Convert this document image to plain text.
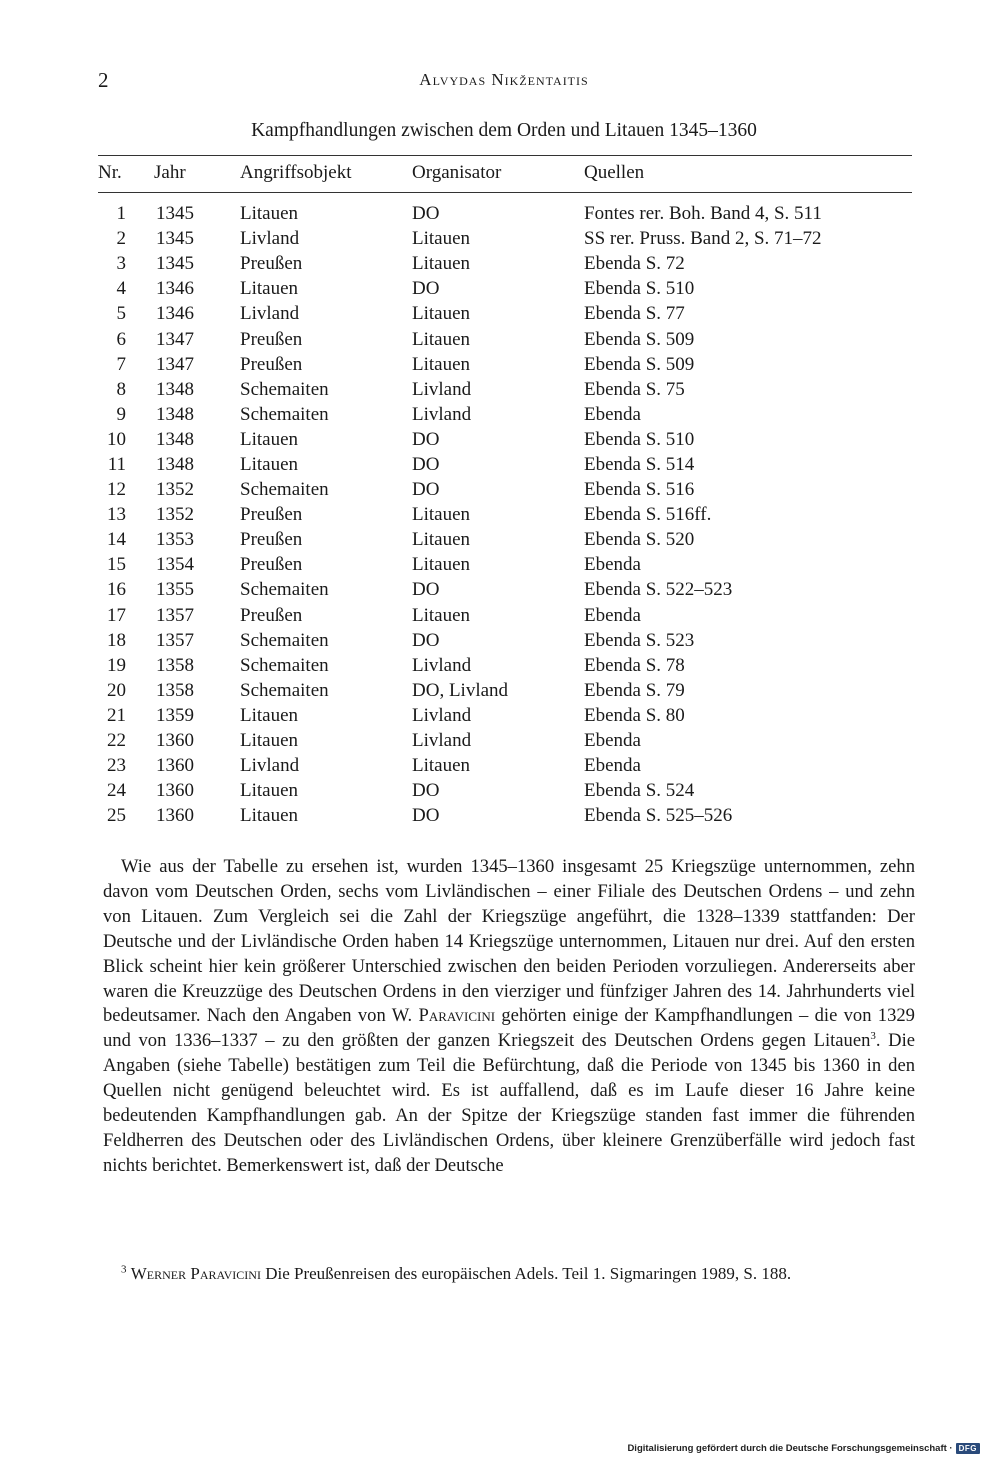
2	Alvydas Nikžentaitis
Kampfhandlungen zwischen dem Orden und Litauen 1345–1360
Nr.	Jahr	Angriffsobjekt	Organisator	Quellen
1	1345	Litauen	DO	Fontes rer. Boh. Band 4, S. 511
2	1345	Livland	Litauen	SS rer. Pruss. Band 2, S. 71–72
3	1345	Preußen	Litauen	Ebenda S. 72
4	1346	Litauen	DO	Ebenda S. 510
5	1346	Livland	Litauen	Ebenda S. 77
6	1347	Preußen	Litauen	Ebenda S. 509
7	1347	Preußen	Litauen	Ebenda S. 509
8	1348	Schemaiten	Livland	Ebenda S. 75
9	1348	Schemaiten	Livland	Ebenda
10	1348	Litauen	DO	Ebenda S. 510
11	1348	Litauen	DO	Ebenda S. 514
12	1352	Schemaiten	DO	Ebenda S. 516
13	1352	Preußen	Litauen	Ebenda S. 516ff.
14	1353	Preußen	Litauen	Ebenda S. 520
15	1354	Preußen	Litauen	Ebenda
16	1355	Schemaiten	DO	Ebenda S. 522–523
17	1357	Preußen	Litauen	Ebenda
18	1357	Schemaiten	DO	Ebenda S. 523
19	1358	Schemaiten	Livland	Ebenda S. 78
20	1358	Schemaiten	DO, Livland	Ebenda S. 79
21	1359	Litauen	Livland	Ebenda S. 80
22	1360	Litauen	Livland	Ebenda
23	1360	Livland	Litauen	Ebenda
24	1360	Litauen	DO	Ebenda S. 524
25	1360	Litauen	DO	Ebenda S. 525–526

Wie aus der Tabelle zu ersehen ist, wurden 1345–1360 insgesamt 25 Kriegszüge unternommen, zehn davon vom Deutschen Orden, sechs vom Livländischen – einer Filiale des Deutschen Ordens – und zehn von Litauen. Zum Vergleich sei die Zahl der Kriegszüge angeführt, die 1328–1339 stattfanden: Der Deutsche und der Livländische Orden haben 14 Kriegszüge unternommen, Litauen nur drei. Auf den ersten Blick scheint hier kein größerer Unterschied zwischen den beiden Perioden vorzuliegen. Andererseits aber waren die Kreuzzüge des Deutschen Ordens in den vierziger und fünfziger Jahren des 14. Jahrhunderts viel bedeutsamer. Nach den Angaben von W. Paravicini gehörten einige der Kampfhandlungen – die von 1329 und von 1336–1337 – zu den größten der ganzen Kriegszeit des Deutschen Ordens gegen Litauen$^3$. Die Angaben (siehe Tabelle) bestätigen zum Teil die Befürchtung, daß die Periode von 1345 bis 1360 in den Quellen nicht genügend beleuchtet wird. Es ist auffallend, daß es im Laufe dieser 16 Jahre keine bedeutenden Kampfhandlungen gab. An der Spitze der Kriegszüge standen fast immer die führenden Feldherren des Deutschen oder des Livländischen Ordens, über kleinere Grenzüberfälle wird jedoch fast nichts berichtet. Bemerkenswert ist, daß der Deutsche

$^3$ Werner Paravicini Die Preußenreisen des europäischen Adels. Teil 1. Sigmaringen 1989, S. 188.

Digitalisierung gefördert durch die Deutsche Forschungsgemeinschaft · DFG
